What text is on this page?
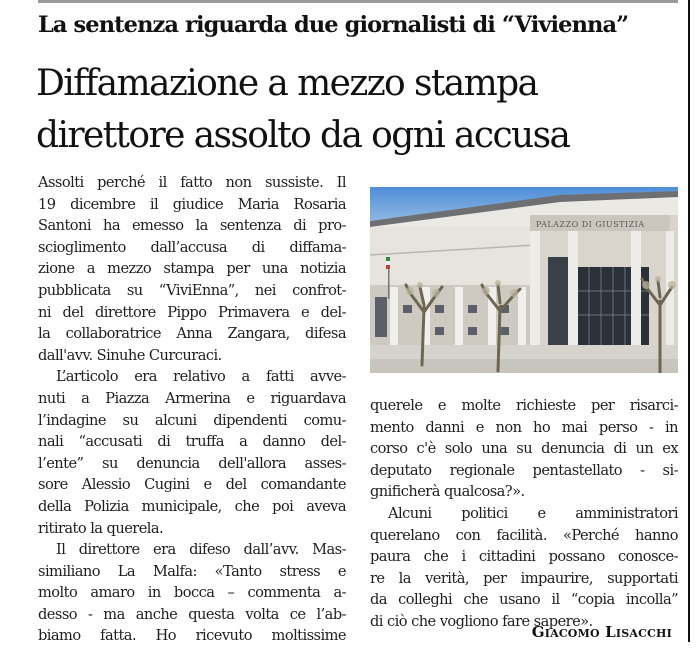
La sentenza riguarda due giornalisti di “Vivienna”
Diffamazione a mezzo stampa
direttore assolto da ogni accusa
Assolti perché il fatto non sussiste. Il
19 dicembre il giudice Maria Rosaria
Santoni ha emesso la sentenza di pro-
scioglimento dall’accusa di diffama-
zione a mezzo stampa per una notizia
pubblicata su “ViviEnna”, nei confrot-
ni del direttore Pippo Primavera e del-
la collaboratrice Anna Zangara, difesa
dall'avv. Sinuhe Curcuraci.
L’articolo era relativo a fatti avve-
nuti a Piazza Armerina e riguardava
l’indagine su alcuni dipendenti comu-
nali “accusati di truffa a danno del-
l’ente” su denuncia dell'allora asses-
sore Alessio Cugini e del comandante
della Polizia municipale, che poi aveva
ritirato la querela.
Il direttore era difeso dall’avv. Mas-
similiano La Malfa: «Tanto stress e
molto amaro in bocca – commenta a-
desso - ma anche questa volta ce l’ab-
biamo fatta. Ho ricevuto moltissime
PALAZZO DI GIUSTIZIA
querele e molte richieste per risarci-
mento danni e non ho mai perso - in
corso c'è solo una su denuncia di un ex
deputato regionale pentastellato - si-
gnificherà qualcosa?».
Alcuni politici e amministratori
querelano con facilità. «Perché hanno
paura che i cittadini possano conosce-
re la verità, per impaurire, supportati
da colleghi che usano il “copia incolla”
di ciò che vogliono fare sapere».
Giacomo Lisacchi
